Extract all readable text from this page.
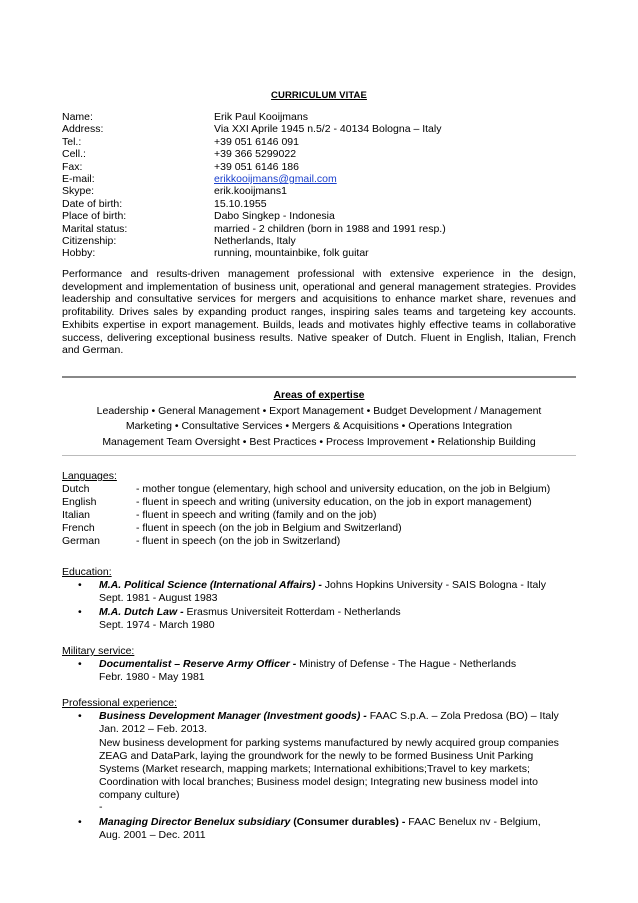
CURRICULUM VITAE
Name:	Erik Paul Kooijmans
Address:	Via XXI Aprile 1945 n.5/2 - 40134 Bologna – Italy
Tel.:	+39 051 6146 091
Cell.:	+39 366 5299022
Fax:	+39 051 6146 186
E-mail:	erikkooijmans@gmail.com
Skype:	erik.kooijmans1
Date of birth:	15.10.1955
Place of birth:	Dabo Singkep - Indonesia
Marital status:	married - 2 children (born in 1988 and 1991 resp.)
Citizenship:	Netherlands, Italy
Hobby:	running, mountainbike, folk guitar
Performance and results-driven management professional with extensive experience in the design, development and implementation of business unit, operational and general management strategies. Provides leadership and consultative services for mergers and acquisitions to enhance market share, revenues and profitability. Drives sales by expanding product ranges, inspiring sales teams and targeteing key accounts. Exhibits expertise in export management. Builds, leads and motivates highly effective teams in collaborative success, delivering exceptional business results. Native speaker of Dutch. Fluent in English, Italian, French and German.
Areas of expertise
Leadership • General Management • Export Management • Budget Development / Management
Marketing • Consultative Services • Mergers & Acquisitions • Operations Integration
Management Team Oversight • Best Practices • Process Improvement • Relationship Building
Languages:
Dutch	- mother tongue (elementary, high school and university education, on the job in Belgium)
English	- fluent in speech and writing (university education, on the job in export management)
Italian	- fluent in speech and writing (family and on the job)
French	- fluent in speech (on the job in Belgium and Switzerland)
German	- fluent in speech (on the job in Switzerland)
Education:
• M.A. Political Science (International Affairs) - Johns Hopkins University - SAIS Bologna - Italy
Sept. 1981 - August 1983
• M.A. Dutch Law - Erasmus Universiteit Rotterdam - Netherlands
Sept. 1974 - March 1980
Military service:
• Documentalist – Reserve Army Officer - Ministry of Defense - The Hague - Netherlands
Febr. 1980 - May 1981
Professional experience:
• Business Development Manager (Investment goods) - FAAC S.p.A. – Zola Predosa (BO) – Italy
Jan. 2012 – Feb. 2013.
New business development for parking systems manufactured by newly acquired group companies ZEAG and DataPark, laying the groundwork for the newly to be formed Business Unit Parking Systems (Market research, mapping markets; International exhibitions;Travel to key markets; Coordination with local branches; Business model design; Integrating new business model into company culture)
-
• Managing Director Benelux subsidiary (Consumer durables) - FAAC Benelux nv - Belgium,
Aug. 2001 – Dec. 2011
